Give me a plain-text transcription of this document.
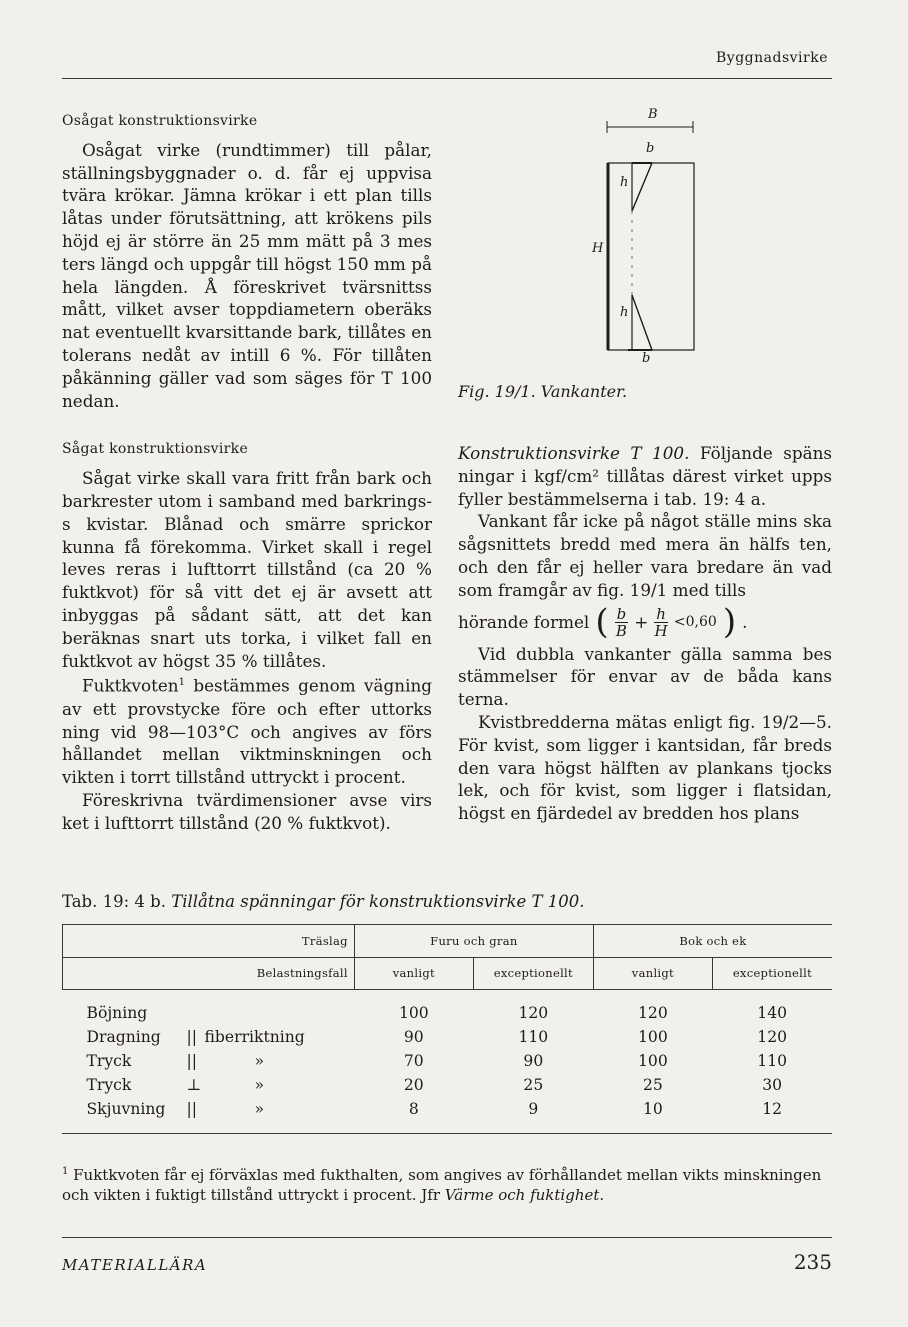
Byggnadsvirke

Osågat konstruktionsvirke

Osågat virke (rundtimmer) till pålar, ställningsbyggnader o. d. får ej uppvisa tvära krökar. Jämna krökar i ett plan tills låtas under förutsättning, att krökens pils höjd ej är större än 25 mm mätt på 3 mes ters längd och uppgår till högst 150 mm på hela längden. Å föreskrivet tvärsnittss mått, vilket avser toppdiametern oberäks nat eventuellt kvarsittande bark, tillåtes en tolerans nedåt av intill 6 %. För tillåten påkänning gäller vad som säges för T 100 nedan.

Sågat konstruktionsvirke

Sågat virke skall vara fritt från bark och barkrester utom i samband med barkringss kvistar. Blånad och smärre sprickor kunna få förekomma. Virket skall i regel leves reras i lufttorrt tillstånd (ca 20 % fuktkvot) för så vitt det ej är avsett att inbyggas på sådant sätt, att det kan beräknas snart uts torka, i vilket fall en fuktkvot av högst 35 % tillåtes.

Fuktkvoten$^1$ bestämmes genom vägning av ett provstycke före och efter uttorks ning vid 98—103°C och angives av förs hållandet mellan viktminskningen och vikten i torrt tillstånd uttryckt i procent.

Föreskrivna tvärdimensioner avse virs ket i lufttorrt tillstånd (20 % fuktkvot).

B
b
h
H
h
b
Fig. 19/1. Vankanter.

Konstruktionsvirke T 100. Följande späns ningar i kgf/cm² tillåtas därest virket upps fyller bestämmelserna i tab. 19: 4 a.

Vankant får icke på något ställe mins ska sågsnittets bredd med mera än hälfs ten, och den får ej heller vara bredare än vad som framgår av fig. 19/1 med tills

hörande formel ( $\frac{b}{B} + \frac{h}{H} <0,60$ ) .

Vid dubbla vankanter gälla samma bes stämmelser för envar av de båda kans terna.

Kvistbredderna mätas enligt fig. 19/2—5. För kvist, som ligger i kantsidan, får breds den vara högst hälften av plankans tjocks lek, och för kvist, som ligger i flatsidan, högst en fjärdedel av bredden hos plans

Tab. 19: 4 b. Tillåtna spänningar för konstruktionsvirke T 100.
Träslag	Furu och gran		Bok och ek	
Belastningsfall	vanligt	exceptionellt	vanligt	exceptionellt

Böjning	100	120	120	140
Dragning || fiberriktning	90	110	100	120
Tryck || »	70	90	100	110
Tryck ⊥ »	20	25	25	30
Skjuvning || »	8	9	10	12

$^1$ Fuktkvoten får ej förväxlas med fukthalten, som angives av förhållandet mellan vikts minskningen och vikten i fuktigt tillstånd uttryckt i procent. Jfr Värme och fuktighet.
MATERIALLÄRA	235
